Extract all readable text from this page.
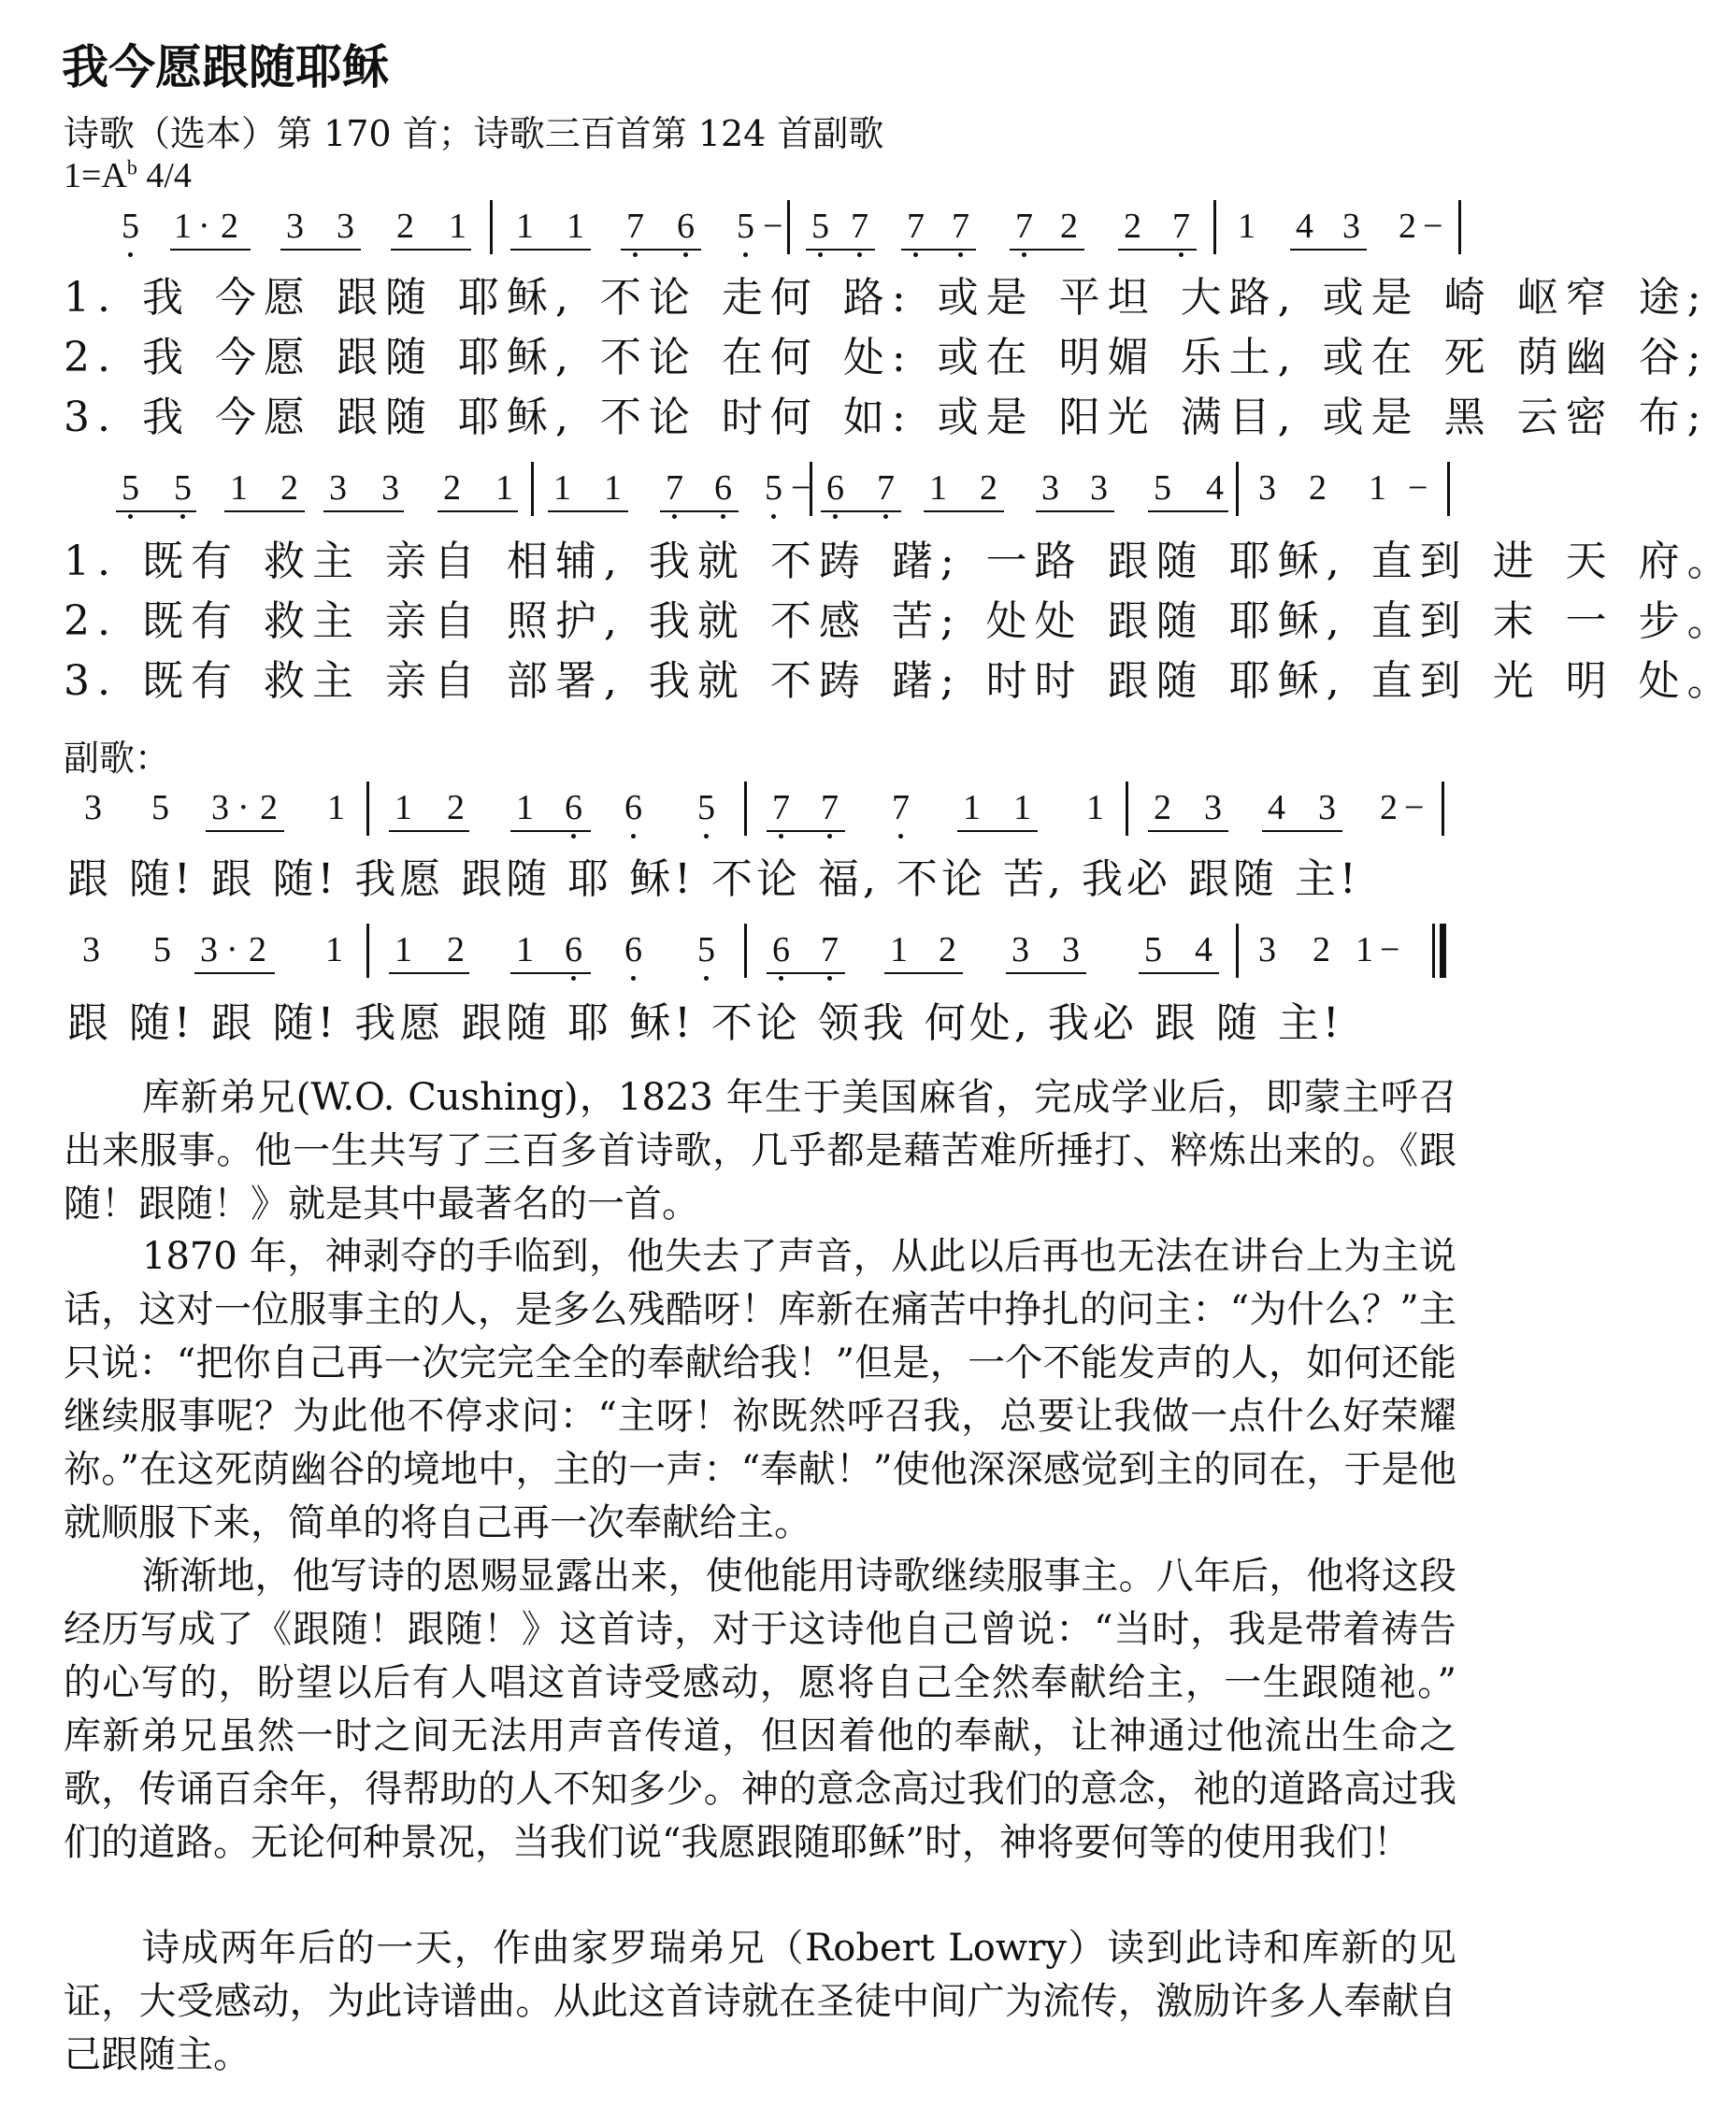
我今愿跟随耶稣
诗歌（选本）第 170 首；诗歌三百首第 124 首副歌
$1=A^b$ 4/4
5 1 · 2 3 3 2 1 1 1 7 6 5 − 5 7 7 7 7 2 2 7 1 4 3 2 −
1. 我 今愿 跟随 耶稣, 不论 走何 路: 或是 平坦 大路, 或是 崎 岖窄 途;
2. 我 今愿 跟随 耶稣, 不论 在何 处: 或在 明媚 乐土, 或在 死 荫幽 谷;
3. 我 今愿 跟随 耶稣, 不论 时何 如: 或是 阳光 满目, 或是 黑 云密 布;
5 5 1 2 3 3 2 1 1 1 7 6 5 − 6 7 1 2 3 3 5 4 3 2 1 −
1. 既有 救主 亲自 相辅, 我就 不踌 躇; 一路 跟随 耶稣, 直到 进 天 府。
2. 既有 救主 亲自 照护, 我就 不感 苦; 处处 跟随 耶稣, 直到 末 一 步。
3. 既有 救主 亲自 部署, 我就 不踌 躇; 时时 跟随 耶稣, 直到 光 明 处。
副歌：
3 5 3 · 2 1 1 2 1 6 6 5 7 7 7 1 1 1 2 3 4 3 2 −
跟 随! 跟 随! 我愿 跟随 耶 稣! 不论 福, 不论 苦, 我必 跟随 主!
3 5 3 · 2 1 1 2 1 6 6 5 6 7 1 2 3 3 5 4 3 2 1 −
跟 随! 跟 随! 我愿 跟随 耶 稣! 不论 领我 何处, 我必 跟 随 主!
库新弟兄(W.O. Cushing)，1823 年生于美国麻省，完成学业后，即蒙主呼召出来服事。他一生共写了三百多首诗歌，几乎都是藉苦难所捶打、粹炼出来的。《跟随！跟随！》就是其中最著名的一首。
1870 年，神剥夺的手临到，他失去了声音，从此以后再也无法在讲台上为主说话，这对一位服事主的人，是多么残酷呀！库新在痛苦中挣扎的问主：“为什么？”主只说：“把你自己再一次完完全全的奉献给我！”但是，一个不能发声的人，如何还能继续服事呢？为此他不停求问：“主呀！祢既然呼召我，总要让我做一点什么好荣耀祢。”在这死荫幽谷的境地中，主的一声：“奉献！”使他深深感觉到主的同在，于是他就顺服下来，简单的将自己再一次奉献给主。
渐渐地，他写诗的恩赐显露出来，使他能用诗歌继续服事主。八年后，他将这段经历写成了《跟随！跟随！》这首诗，对于这诗他自己曾说：“当时，我是带着祷告的心写的，盼望以后有人唱这首诗受感动，愿将自己全然奉献给主，一生跟随祂。” 库新弟兄虽然一时之间无法用声音传道，但因着他的奉献，让神通过他流出生命之歌，传诵百余年，得帮助的人不知多少。神的意念高过我们的意念，祂的道路高过我们的道路。无论何种景况，当我们说“我愿跟随耶稣”时，神将要何等的使用我们！
诗成两年后的一天，作曲家罗瑞弟兄（Robert Lowry）读到此诗和库新的见证，大受感动，为此诗谱曲。从此这首诗就在圣徒中间广为流传，激励许多人奉献自己跟随主。
